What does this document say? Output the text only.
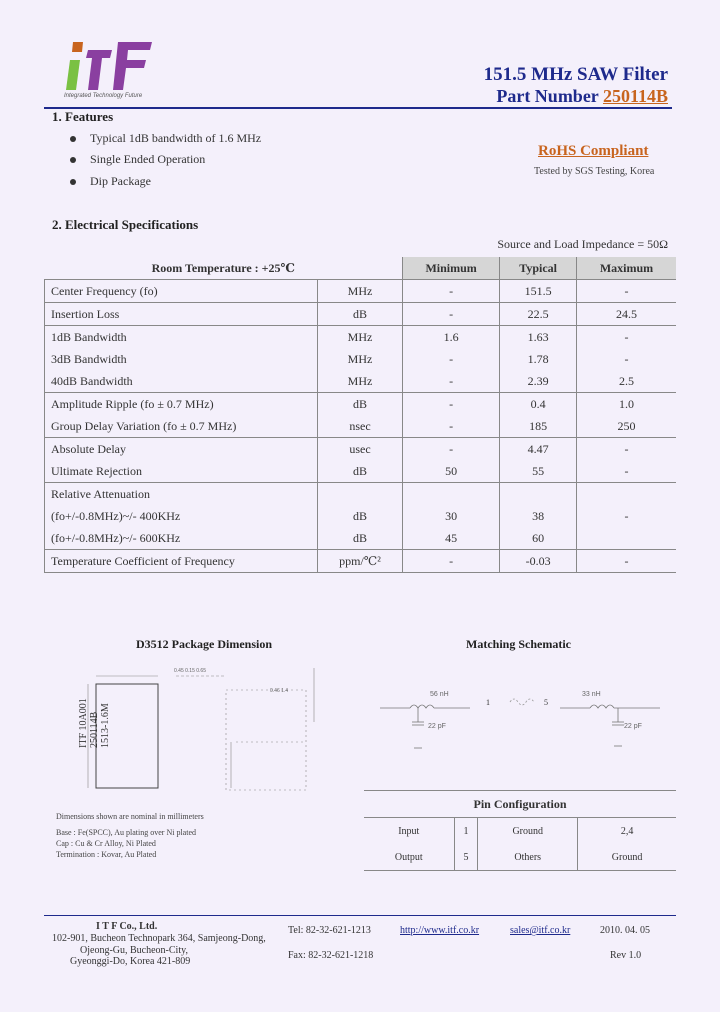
Integrated Technology Future
151.5 MHz SAW Filter
Part Number 250114B
1. Features
Typical 1dB bandwidth of 1.6 MHz
Single Ended Operation
Dip Package
RoHS Compliant
Tested by SGS Testing, Korea
2. Electrical Specifications
Source and Load Impedance = 50Ω
Room Temperature : +25℃		Minimum	Typical	Maximum
Center Frequency (fo)	MHz	-	151.5	-
Insertion Loss	dB	-	22.5	24.5
1dB Bandwidth	MHz	1.6	1.63	-
3dB Bandwidth	MHz	-	1.78	-
40dB Bandwidth	MHz	-	2.39	2.5
Amplitude Ripple (fo ± 0.7 MHz)	dB	-	0.4	1.0
Group Delay Variation (fo ± 0.7 MHz)	nsec	-	185	250
Absolute Delay	usec	-	4.47	-
Ultimate Rejection	dB	50	55	-
Relative Attenuation				
(fo+/-0.8MHz)~/- 400KHz	dB	30	38	-
(fo+/-0.8MHz)~/- 600KHz	dB	45	60	
Temperature Coefficient of Frequency	ppm/℃²	-	-0.03	-
D3512 Package Dimension	Matching Schematic
0.45 0.15 0.65
0.46 1.4
ITF 10A001 250114B 1513-1.6M
Dimensions shown are nominal in millimeters
Base : Fe(SPCC), Au plating over Ni plated
Cap : Cu & Cr Alloy, Ni Plated
Termination : Kovar, Au Plated
56 nH
22 pF
1	5
33 nH
22 pF
Pin Configuration			
Input	1	Ground	2,4
Output	5	Others	Ground
I T F Co., Ltd.
102-901, Bucheon Technopark 364, Samjeong-Dong,
Ojeong-Gu, Bucheon-City,
Gyeonggi-Do, Korea 421-809
Tel: 82-32-621-1213
Fax: 82-32-621-1218
http://www.itf.co.kr	sales@itf.co.kr	2010. 04. 05
Rev 1.0
